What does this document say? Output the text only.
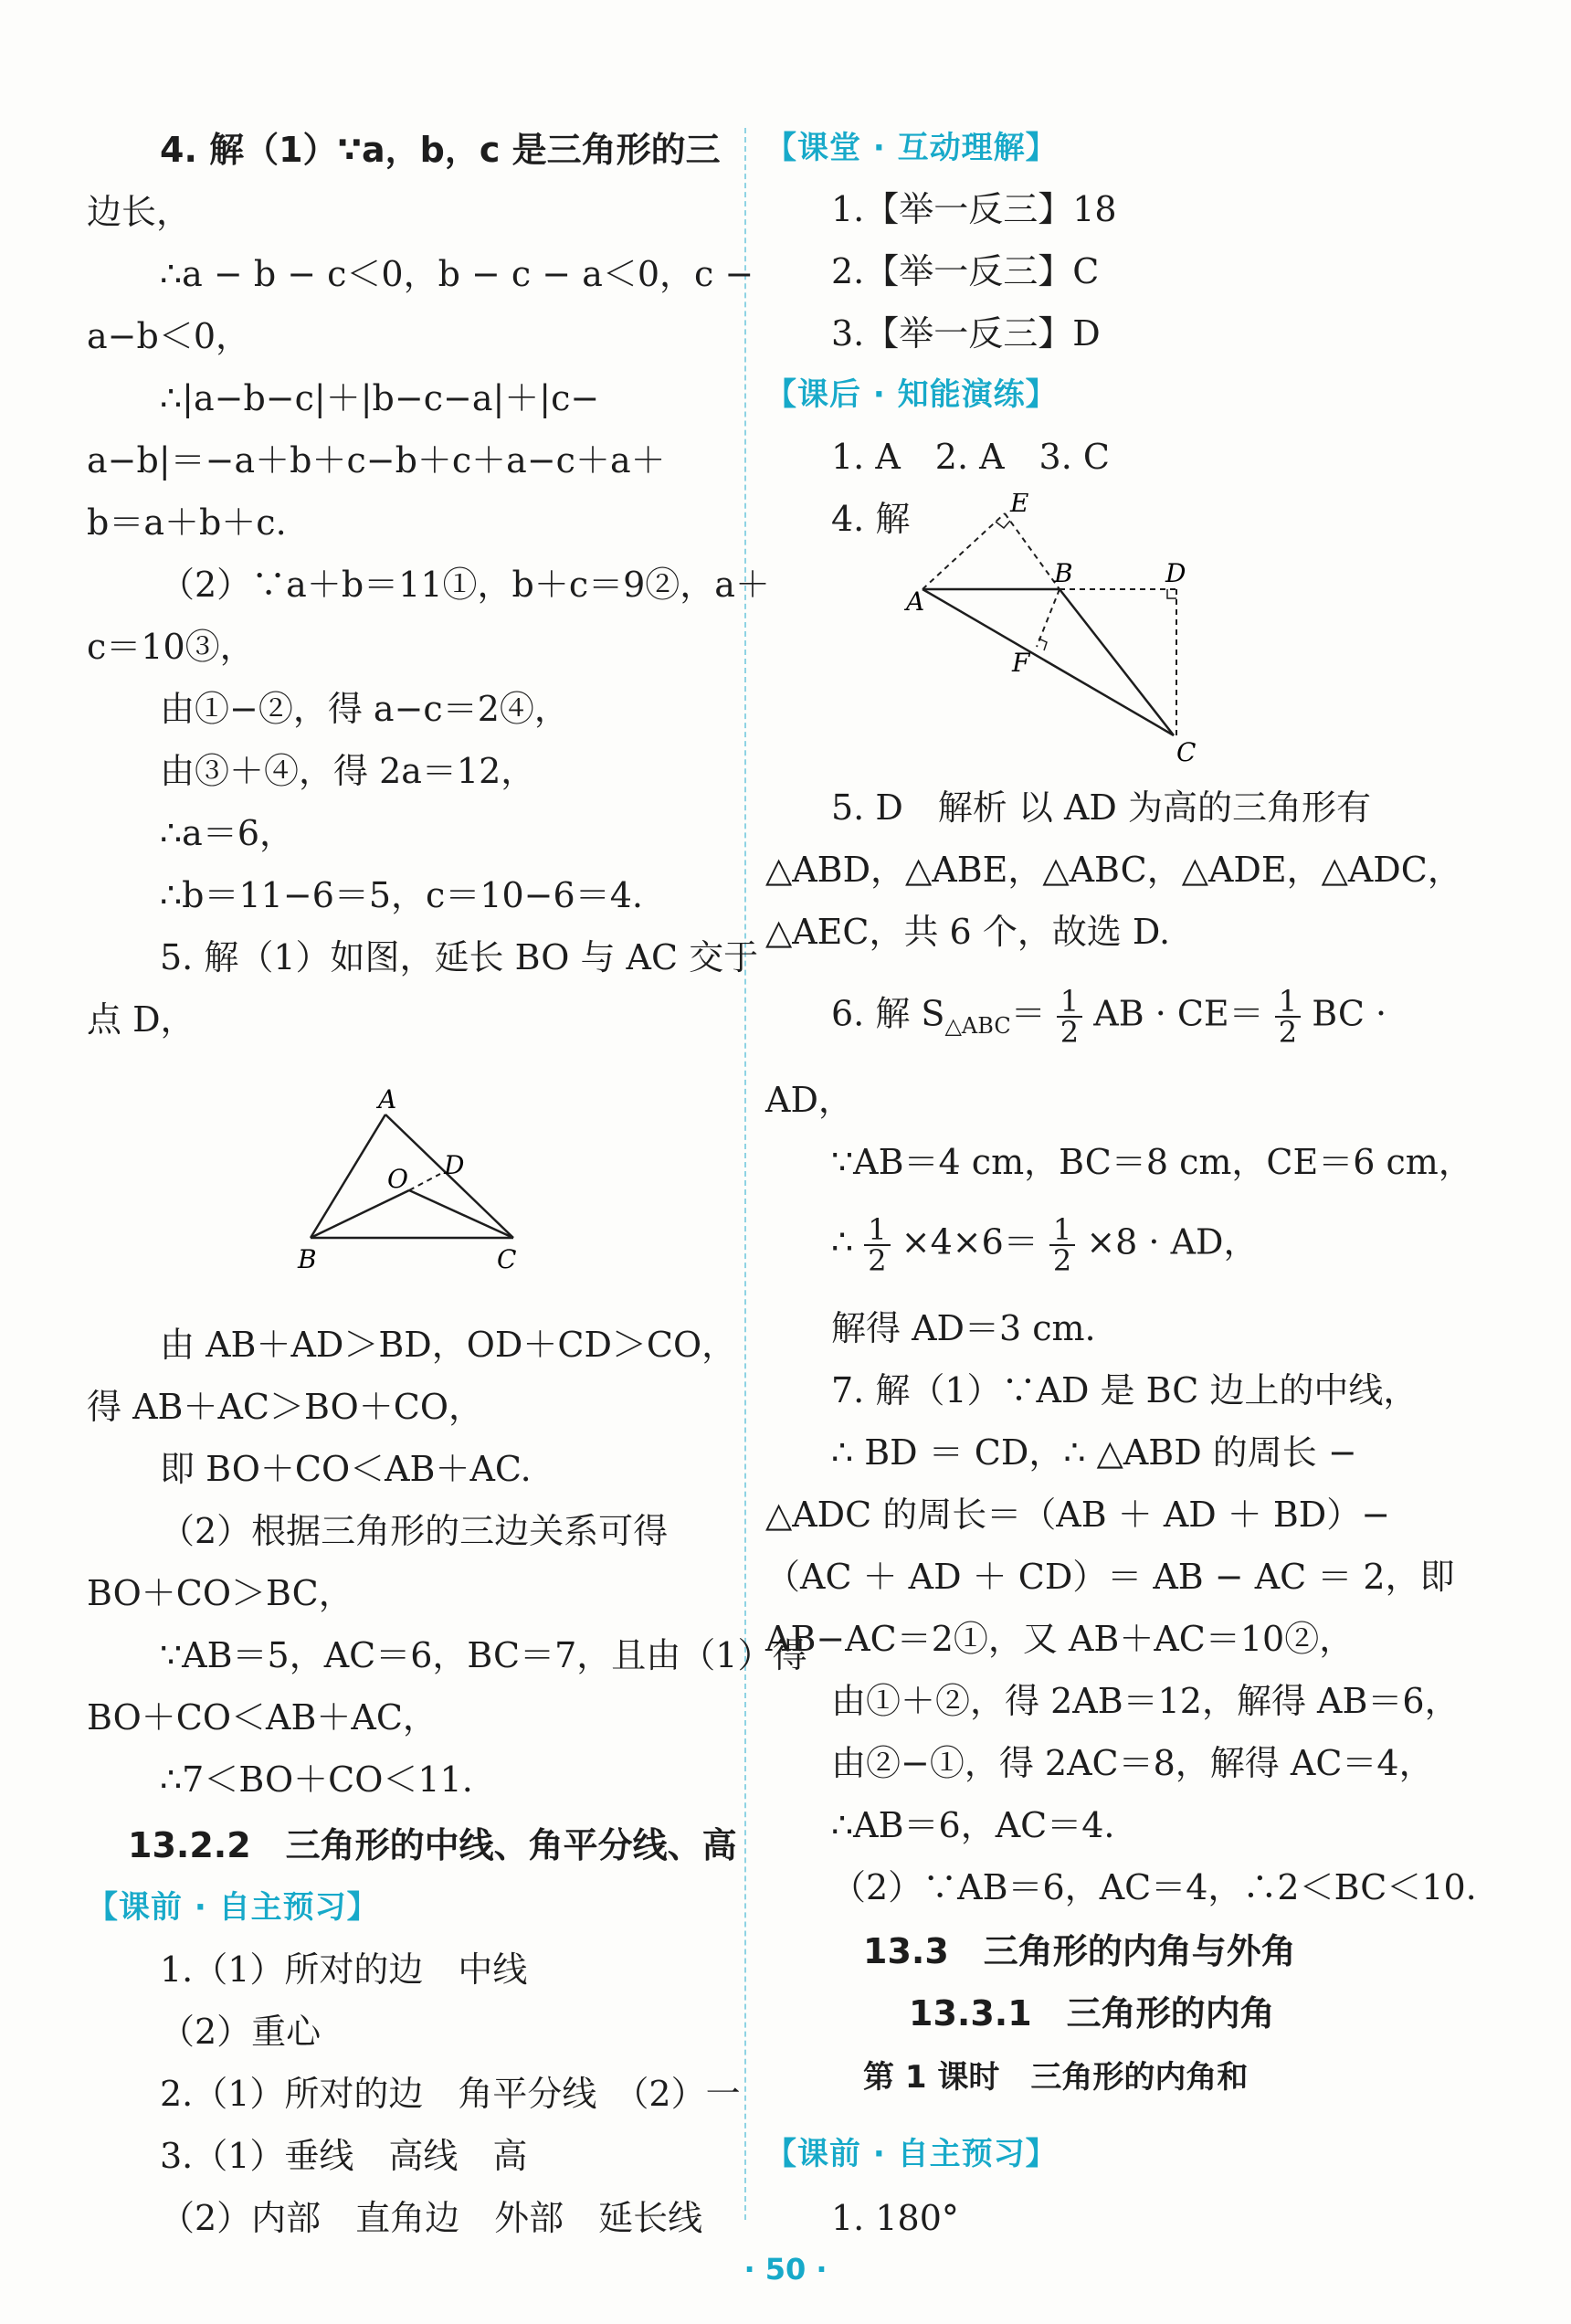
4. 解（1）∵a，b，c 是三角形的三
边长，
∴a − b − c＜0，b − c − a＜0，c −
a−b＜0，
∴|a−b−c|＋|b−c−a|＋|c−
a−b|＝−a＋b＋c−b＋c＋a−c＋a＋
b＝a＋b＋c.
（2）∵a＋b＝11①，b＋c＝9②，a＋
c＝10③，
由①−②，得 a−c＝2④，
由③＋④，得 2a＝12，
∴a＝6，
∴b＝11−6＝5，c＝10−6＝4.
5. 解（1）如图，延长 BO 与 AC 交于
点 D，
A
B	C
D
O
由 AB＋AD＞BD，OD＋CD＞CO，
得 AB＋AC＞BO＋CO，
即 BO＋CO＜AB＋AC.
（2）根据三角形的三边关系可得
BO＋CO＞BC，
∵AB＝5，AC＝6，BC＝7，且由（1）得
BO＋CO＜AB＋AC，
∴7＜BO＋CO＜11.
13.2.2　三角形的中线、角平分线、高
【课前 · 自主预习】
1.（1）所对的边　中线
（2）重心
2.（1）所对的边　角平分线　（2）一
3.（1）垂线　高线　高
（2）内部　直角边　外部　延长线
【课堂 · 互动理解】
1.【举一反三】18
2.【举一反三】C
3.【举一反三】D
【课后 · 知能演练】
1. A　2. A　3. C
4. 解	E
B	D
A
F
C
5. D　解析 以 AD 为高的三角形有
△ABD，△ABE，△ABC，△ADE，△ADC，
△AEC，共 6 个，故选 D.
6. 解 $S_{\triangle ABC}= \frac{1}{2}$ AB · $CE= \frac{1}{2}$ BC ·
AD，
∵AB＝4 cm，BC＝8 cm，CE＝6 cm，
∴ $\frac{1}{2} \times 4\times 6= \frac{1}{2} \times 8$ · AD，
解得 AD＝3 cm.
7. 解（1）∵AD 是 BC 边上的中线，
∴ BD ＝ CD，∴ △ABD 的周长 −
△ADC 的周长＝（AB ＋ AD ＋ BD）−
（AC ＋ AD ＋ CD）＝ AB − AC ＝ 2，即
AB−AC＝2①，又 AB＋AC＝10②，
由①＋②，得 2AB＝12，解得 AB＝6，
由②−①，得 2AC＝8，解得 AC＝4，
∴AB＝6，AC＝4.
（2）∵AB＝6，AC＝4，∴2＜BC＜10.
13.3　三角形的内角与外角
13.3.1　三角形的内角
第 1 课时　三角形的内角和
【课前 · 自主预习】
1. 180°
· 50 ·
